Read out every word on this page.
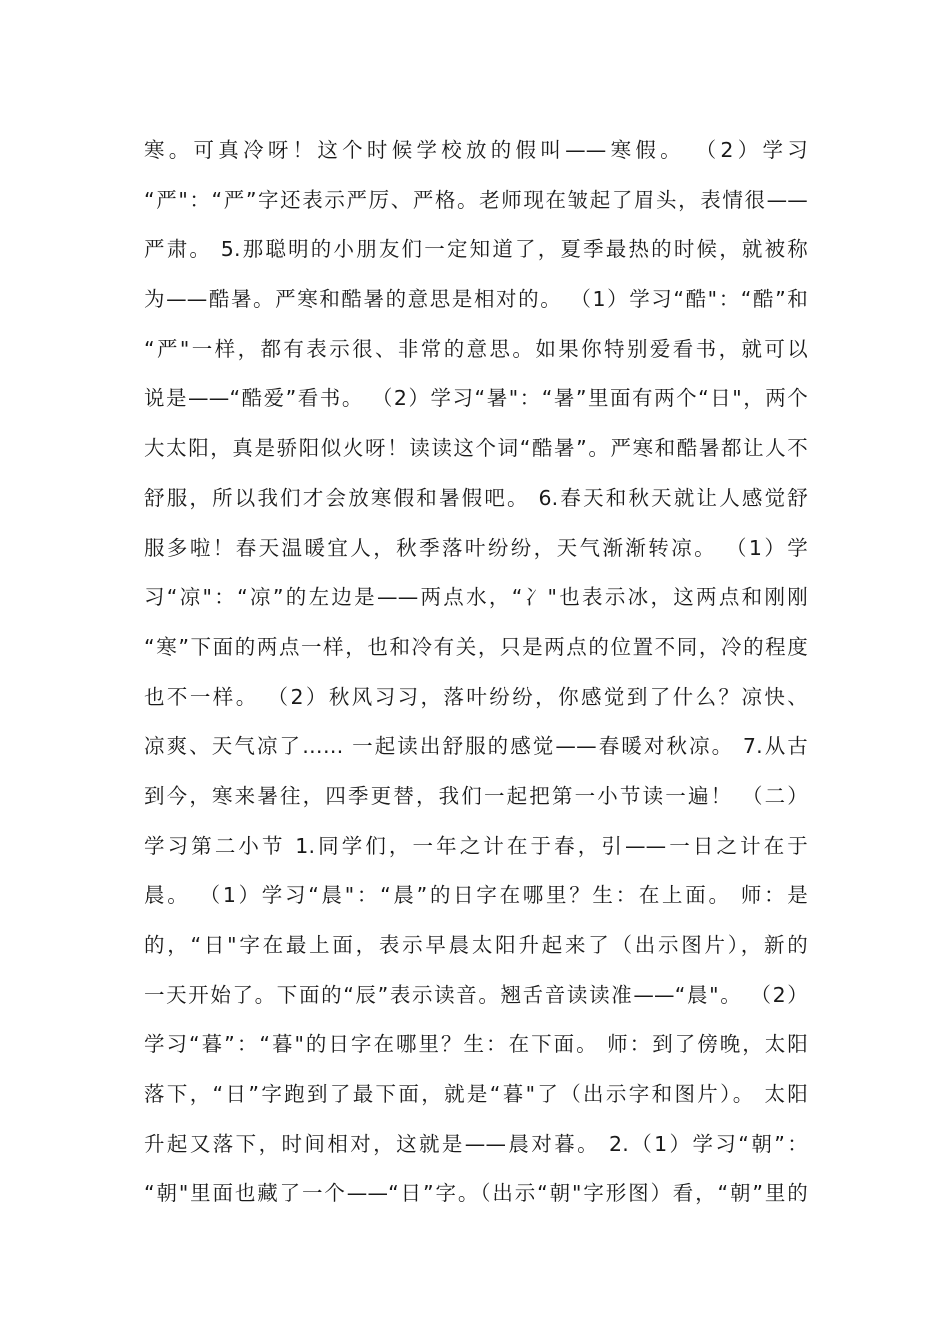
寒。可真冷呀！这个时候学校放的假叫——寒假。 （2）学习
“严"：“严”字还表示严厉、严格。老师现在皱起了眉头，表情很——
严肃。 5.那聪明的小朋友们一定知道了，夏季最热的时候，就被称
为——酷暑。严寒和酷暑的意思是相对的。 （1）学习“酷"：“酷”和
“严"一样，都有表示很、非常的意思。如果你特别爱看书，就可以
说是——“酷爱”看书。 （2）学习“暑"：“暑”里面有两个“日"，两个
大太阳，真是骄阳似火呀！读读这个词“酷暑”。严寒和酷暑都让人不
舒服，所以我们才会放寒假和暑假吧。 6.春天和秋天就让人感觉舒
服多啦！春天温暖宜人，秋季落叶纷纷，天气渐渐转凉。 （1）学
习“凉"：“凉”的左边是——两点水，“冫"也表示冰，这两点和刚刚
“寒”下面的两点一样，也和冷有关，只是两点的位置不同，冷的程度
也不一样。 （2）秋风习习，落叶纷纷，你感觉到了什么？凉快、
凉爽、天气凉了…… 一起读出舒服的感觉——春暖对秋凉。 7.从古
到今，寒来暑往，四季更替，我们一起把第一小节读一遍！ （二）
学习第二小节 1.同学们，一年之计在于春，引——一日之计在于
晨。 （1）学习“晨"：“晨”的日字在哪里？生：在上面。 师：是
的，“日"字在最上面，表示早晨太阳升起来了（出示图片），新的
一天开始了。下面的“辰”表示读音。翘舌音读读准——“晨"。 （2）
学习“暮”：“暮"的日字在哪里？生：在下面。 师：到了傍晚，太阳
落下，“日”字跑到了最下面，就是“暮"了（出示字和图片）。 太阳
升起又落下，时间相对，这就是——晨对暮。 2.（1）学习“朝”：
“朝"里面也藏了一个——“日”字。（出示“朝"字形图）看，“朝”里的
